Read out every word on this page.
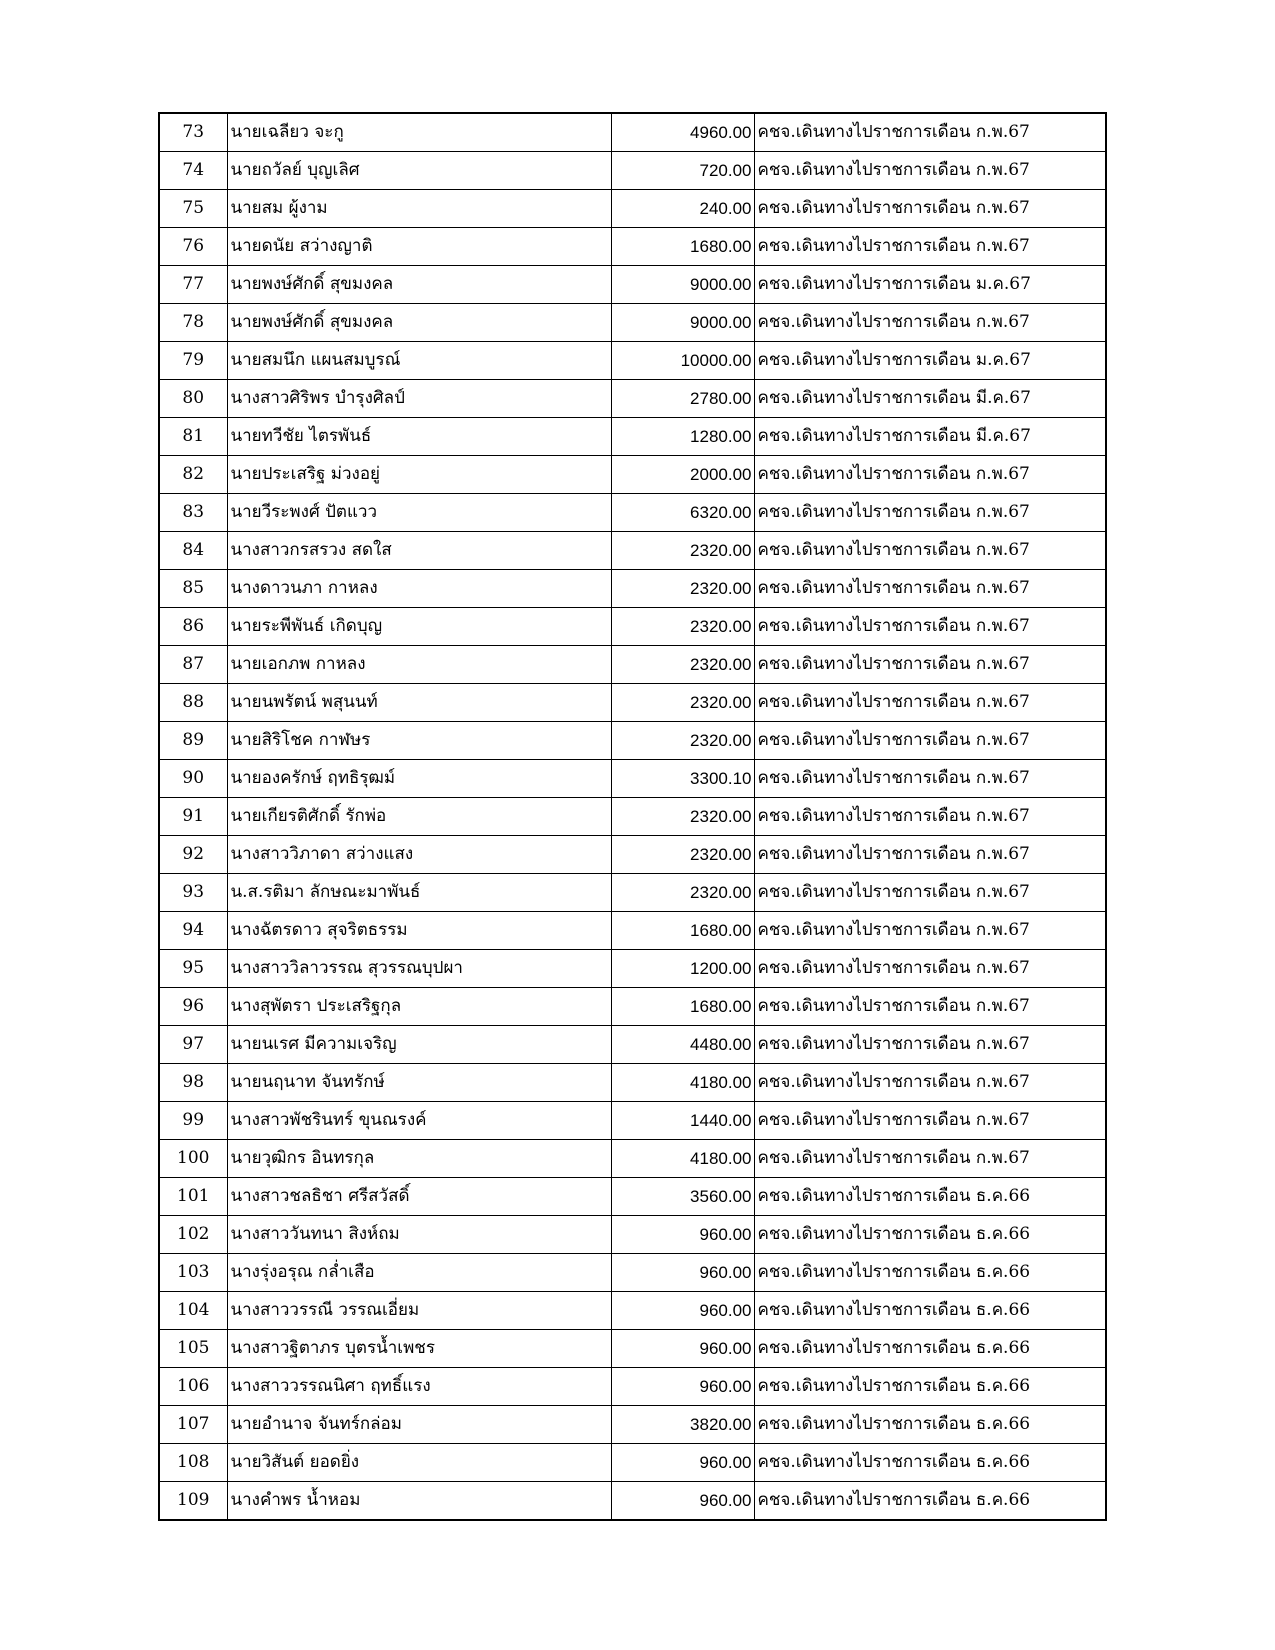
73	นายเฉลียว จะกู	4960.00	คชจ.เดินทางไปราชการเดือน ก.พ.67
74	นายถวัลย์ บุญเลิศ	720.00	คชจ.เดินทางไปราชการเดือน ก.พ.67
75	นายสม ผู้งาม	240.00	คชจ.เดินทางไปราชการเดือน ก.พ.67
76	นายดนัย สว่างญาติ	1680.00	คชจ.เดินทางไปราชการเดือน ก.พ.67
77	นายพงษ์ศักดิ์ สุขมงคล	9000.00	คชจ.เดินทางไปราชการเดือน ม.ค.67
78	นายพงษ์ศักดิ์ สุขมงคล	9000.00	คชจ.เดินทางไปราชการเดือน ก.พ.67
79	นายสมนึก แผนสมบูรณ์	10000.00	คชจ.เดินทางไปราชการเดือน ม.ค.67
80	นางสาวศิริพร บำรุงศิลป์	2780.00	คชจ.เดินทางไปราชการเดือน มี.ค.67
81	นายทวีชัย ไตรพันธ์	1280.00	คชจ.เดินทางไปราชการเดือน มี.ค.67
82	นายประเสริฐ ม่วงอยู่	2000.00	คชจ.เดินทางไปราชการเดือน ก.พ.67
83	นายวีระพงศ์ ปัตแวว	6320.00	คชจ.เดินทางไปราชการเดือน ก.พ.67
84	นางสาวกรสรวง สดใส	2320.00	คชจ.เดินทางไปราชการเดือน ก.พ.67
85	นางดาวนภา กาหลง	2320.00	คชจ.เดินทางไปราชการเดือน ก.พ.67
86	นายระพีพันธ์ เกิดบุญ	2320.00	คชจ.เดินทางไปราชการเดือน ก.พ.67
87	นายเอกภพ กาหลง	2320.00	คชจ.เดินทางไปราชการเดือน ก.พ.67
88	นายนพรัตน์ พสุนนท์	2320.00	คชจ.เดินทางไปราชการเดือน ก.พ.67
89	นายสิริโชค กาฬษร	2320.00	คชจ.เดินทางไปราชการเดือน ก.พ.67
90	นายองครักษ์ ฤทธิรุฒม์	3300.10	คชจ.เดินทางไปราชการเดือน ก.พ.67
91	นายเกียรติศักดิ์ รักพ่อ	2320.00	คชจ.เดินทางไปราชการเดือน ก.พ.67
92	นางสาววิภาดา สว่างแสง	2320.00	คชจ.เดินทางไปราชการเดือน ก.พ.67
93	น.ส.รติมา ลักษณะมาพันธ์	2320.00	คชจ.เดินทางไปราชการเดือน ก.พ.67
94	นางฉัตรดาว สุจริตธรรม	1680.00	คชจ.เดินทางไปราชการเดือน ก.พ.67
95	นางสาววิลาวรรณ สุวรรณบุปผา	1200.00	คชจ.เดินทางไปราชการเดือน ก.พ.67
96	นางสุพัตรา ประเสริฐกุล	1680.00	คชจ.เดินทางไปราชการเดือน ก.พ.67
97	นายนเรศ มีความเจริญ	4480.00	คชจ.เดินทางไปราชการเดือน ก.พ.67
98	นายนฤนาท จันทรักษ์	4180.00	คชจ.เดินทางไปราชการเดือน ก.พ.67
99	นางสาวพัชรินทร์ ขุนณรงค์	1440.00	คชจ.เดินทางไปราชการเดือน ก.พ.67
100	นายวุฒิกร อินทรกุล	4180.00	คชจ.เดินทางไปราชการเดือน ก.พ.67
101	นางสาวชลธิชา ศรีสวัสดิ์	3560.00	คชจ.เดินทางไปราชการเดือน ธ.ค.66
102	นางสาววันทนา สิงห์ถม	960.00	คชจ.เดินทางไปราชการเดือน ธ.ค.66
103	นางรุ่งอรุณ กล่ำเสือ	960.00	คชจ.เดินทางไปราชการเดือน ธ.ค.66
104	นางสาววรรณี วรรณเอี่ยม	960.00	คชจ.เดินทางไปราชการเดือน ธ.ค.66
105	นางสาวฐิตาภร บุตรน้ำเพชร	960.00	คชจ.เดินทางไปราชการเดือน ธ.ค.66
106	นางสาววรรณนิศา ฤทธิ์แรง	960.00	คชจ.เดินทางไปราชการเดือน ธ.ค.66
107	นายอำนาจ จันทร์กล่อม	3820.00	คชจ.เดินทางไปราชการเดือน ธ.ค.66
108	นายวิสันต์ ยอดยิ่ง	960.00	คชจ.เดินทางไปราชการเดือน ธ.ค.66
109	นางคำพร น้ำหอม	960.00	คชจ.เดินทางไปราชการเดือน ธ.ค.66
